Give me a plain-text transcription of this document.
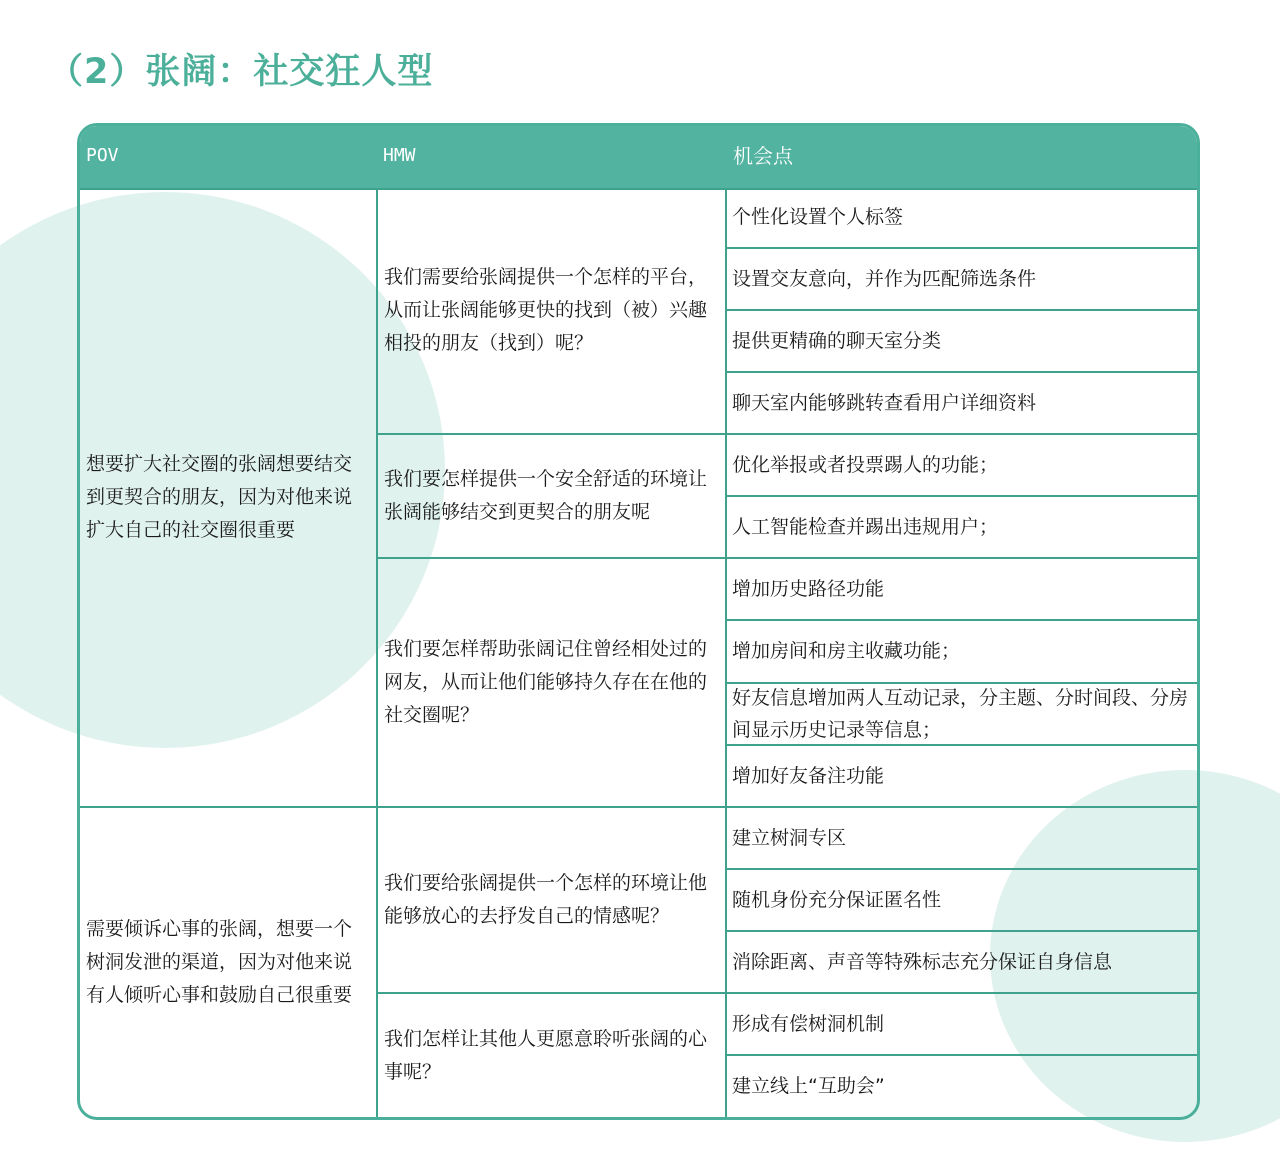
（2）张阔：社交狂人型
POV	HMW	机会点
想要扩大社交圈的张阔想要结交到更契合的朋友，因为对他来说扩大自己的社交圈很重要
需要倾诉心事的张阔，想要一个树洞发泄的渠道，因为对他来说有人倾听心事和鼓励自己很重要
我们需要给张阔提供一个怎样的平台，从而让张阔能够更快的找到（被）兴趣相投的朋友（找到）呢？
我们要怎样提供一个安全舒适的环境让张阔能够结交到更契合的朋友呢
我们要怎样帮助张阔记住曾经相处过的网友，从而让他们能够持久存在在他的社交圈呢？
我们要给张阔提供一个怎样的环境让他能够放心的去抒发自己的情感呢？
我们怎样让其他人更愿意聆听张阔的心事呢？
个性化设置个人标签
设置交友意向，并作为匹配筛选条件
提供更精确的聊天室分类
聊天室内能够跳转查看用户详细资料
优化举报或者投票踢人的功能；
人工智能检查并踢出违规用户；
增加历史路径功能
增加房间和房主收藏功能；
好友信息增加两人互动记录，分主题、分时间段、分房间显示历史记录等信息；
增加好友备注功能
建立树洞专区
随机身份充分保证匿名性
消除距离、声音等特殊标志充分保证自身信息
形成有偿树洞机制
建立线上“互助会”
